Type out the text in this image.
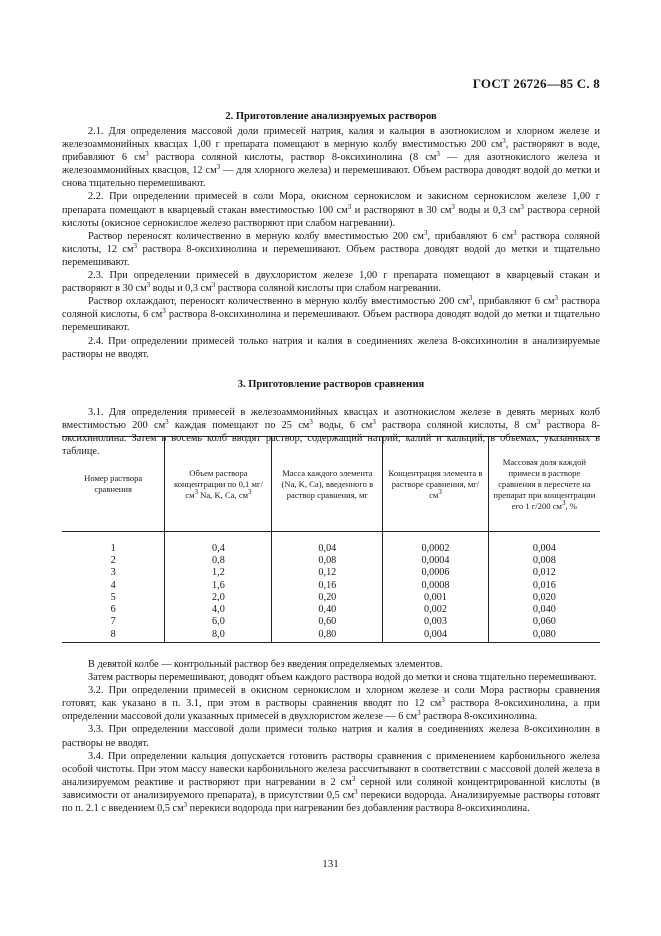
ГОСТ 26726—85 С. 8
2. Приготовление анализируемых растворов

2.1. Для определения массовой доли примесей натрия, калия и кальция в азотнокислом и хлорном железе и железоаммонийных квасцах 1,00 г препарата помещают в мерную колбу вместимостью 200 $см^3$, растворяют в воде, прибавляют 6 $см^3$ раствора соляной кислоты, раствор 8-оксихинолина (8 $см^3$ — для азотнокислого железа и железоаммонийных квасцов, 12 $см^3$ — для хлорного железа) и перемешивают. Объем раствора доводят водой до метки и снова тщательно перемешивают.

2.2. При определении примесей в соли Мора, окисном сернокислом и закисном сернокислом железе 1,00 г препарата помещают в кварцевый стакан вместимостью 100 $см^3$ и растворяют в 30 $см^3$ воды и 0,3 $см^3$ раствора серной кислоты (окисное сернокислое железо растворяют при слабом нагревании).

Раствор переносят количественно в мерную колбу вместимостью 200 $см^3$, прибавляют 6 $см^3$ раствора соляной кислоты, 12 $см^3$ раствора 8-оксихинолина и перемешивают. Объем раствора доводят водой до метки и тщательно перемешивают.

2.3. При определении примесей в двухлористом железе 1,00 г препарата помещают в кварцевый стакан и растворяют в 30 $см^3$ воды и 0,3 $см^3$ раствора соляной кислоты при слабом нагревании.

Раствор охлаждают, переносят количественно в мерную колбу вместимостью 200 $см^3$, прибавляют 6 $см^3$ раствора соляной кислоты, 6 $см^3$ раствора 8-оксихинолина и перемешивают. Объем раствора доводят водой до метки и тщательно перемешивают.

2.4. При определении примесей только натрия и калия в соединениях железа 8-оксихинолин в анализируемые растворы не вводят.

3. Приготовление растворов сравнения

3.1. Для определения примесей в железоаммонийных квасцах и азотнокислом железе в девять мерных колб вместимостью 200 $см^3$ каждая помещают по 25 $см^3$ воды, 6 $см^3$ раствора соляной кислоты, 8 $см^3$ раствора 8-оксихинолина. Затем в восемь колб вводят раствор, содержащий натрий, калий и кальций, в объемах, указанных в таблице.

Номер раствора сравнения	Объем раствора концентрации по 0,1 $мг/см^3$ Na, K, Ca, $см^3$	Масса каждого элемента (Na, K, Ca), введенного в раствор сравнения, мг	Концентрация элемента в растворе сравнения, $мг/см^3$	Массовая доля каждой примеси в растворе сравнения в пересчете на препарат при концентрации его 1 г/200 $см^3$, %
1	0,4	0,04	0,0002	0,004
2	0,8	0,08	0,0004	0,008
3	1,2	0,12	0,0006	0,012
4	1,6	0,16	0,0008	0,016
5	2,0	0,20	0,001	0,020
6	4,0	0,40	0,002	0,040
7	6,0	0,60	0,003	0,060
8	8,0	0,80	0,004	0,080

В девятой колбе — контрольный раствор без введения определяемых элементов.

Затем растворы перемешивают, доводят объем каждого раствора водой до метки и снова тщательно перемешивают.

3.2. При определении примесей в окисном сернокислом и хлорном железе и соли Мора растворы сравнения готовят, как указано в п. 3.1, при этом в растворы сравнения вводят по 12 $см^3$ раствора 8-оксихинолина, а при определении массовой доли указанных примесей в двухлористом железе — 6 $см^3$ раствора 8-оксихинолина.

3.3. При определении массовой доли примеси только натрия и калия в соединениях железа 8-оксихинолин в растворы не вводят.

3.4. При определении кальция допускается готовить растворы сравнения с применением карбонильного железа особой чистоты. При этом массу навески карбонильного железа рассчитывают в соответствии с массовой долей железа в анализируемом реактиве и растворяют при нагревании в 2 $см^3$ серной или соляной концентрированной кислоты (в зависимости от анализируемого препарата), в присутствии 0,5 $см^3$ перекиси водорода. Анализируемые растворы готовят по п. 2.1 с введением 0,5 $см^3$ перекиси водорода при нагревании без добавления раствора 8-оксихинолина.

131
